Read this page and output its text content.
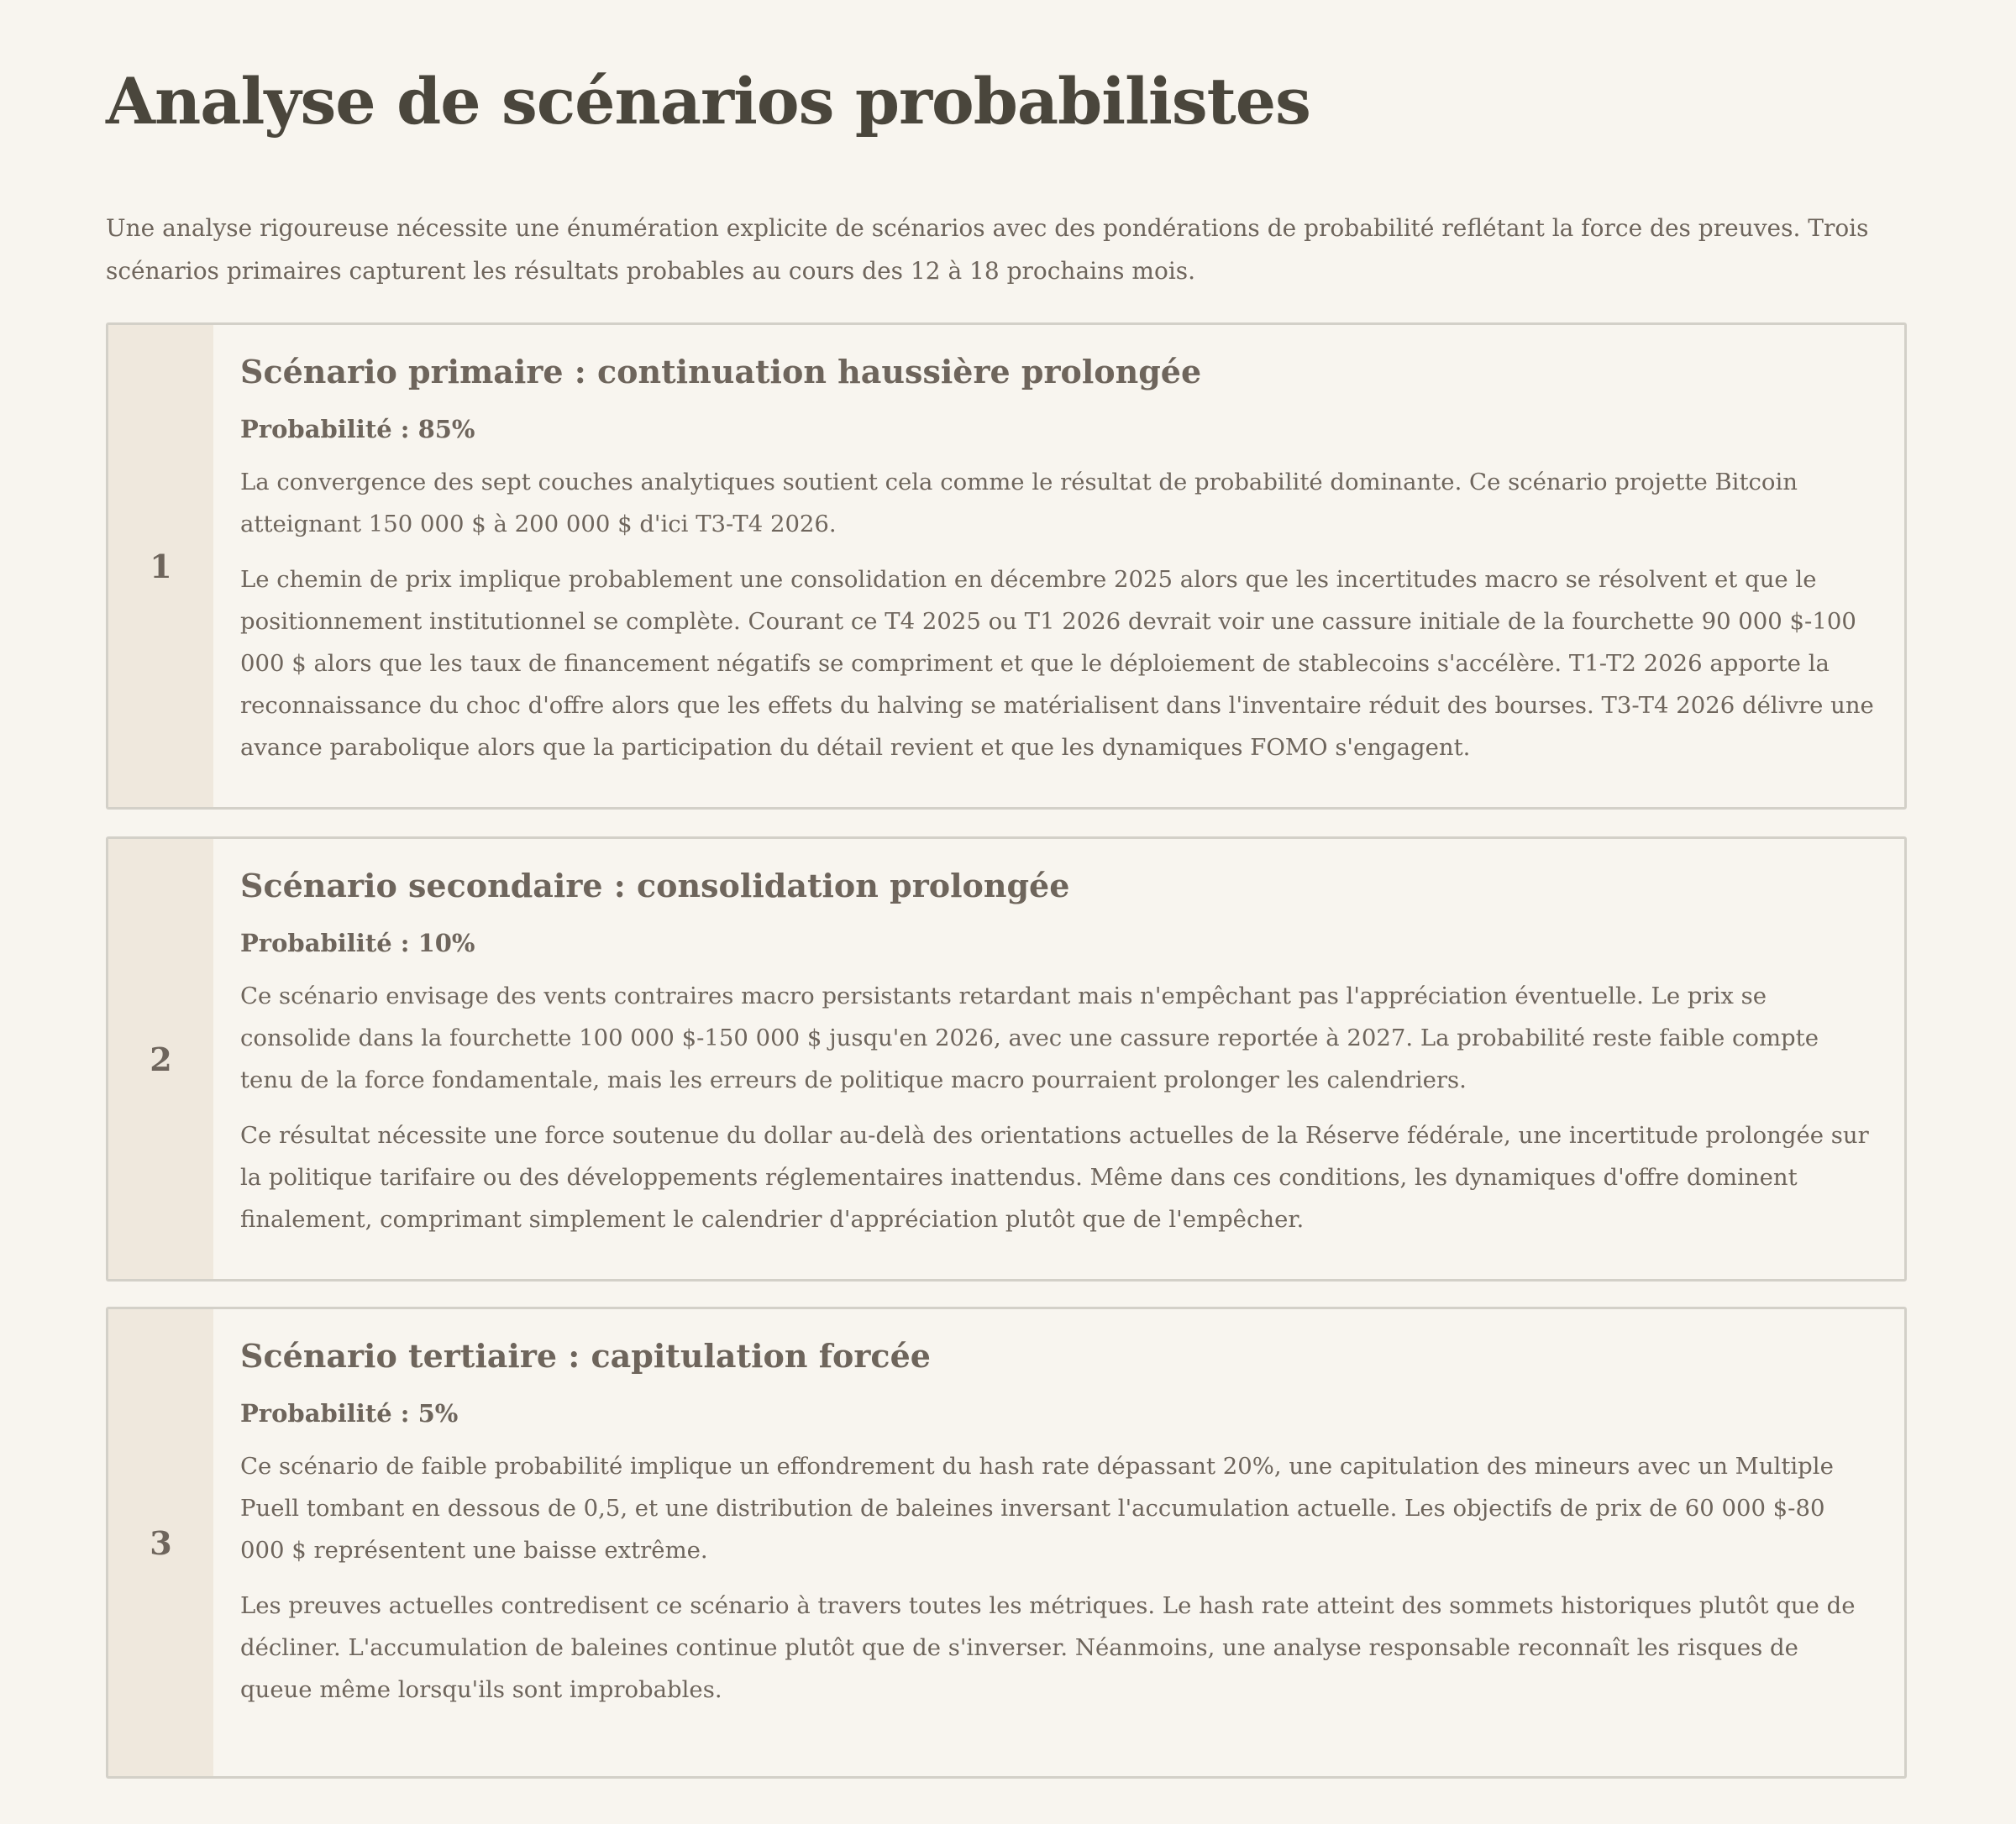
Analyse de scénarios probabilistes

Une analyse rigoureuse nécessite une énumération explicite de scénarios avec des pondérations de probabilité reflétant la force des preuves. Trois scénarios primaires capturent les résultats probables au cours des 12 à 18 prochains mois.

1
Scénario primaire : continuation haussière prolongée

Probabilité : 85%

La convergence des sept couches analytiques soutient cela comme le résultat de probabilité dominante. Ce scénario projette Bitcoin atteignant 150 000 $ à 200 000 $ d'ici T3-T4 2026.

Le chemin de prix implique probablement une consolidation en décembre 2025 alors que les incertitudes macro se résolvent et que le positionnement institutionnel se complète. Courant ce T4 2025 ou T1 2026 devrait voir une cassure initiale de la fourchette 90 000 $-100 000 $ alors que les taux de financement négatifs se compriment et que le déploiement de stablecoins s'accélère. T1-T2 2026 apporte la reconnaissance du choc d'offre alors que les effets du halving se matérialisent dans l'inventaire réduit des bourses. T3-T4 2026 délivre une avance parabolique alors que la participation du détail revient et que les dynamiques FOMO s'engagent.

2
Scénario secondaire : consolidation prolongée

Probabilité : 10%

Ce scénario envisage des vents contraires macro persistants retardant mais n'empêchant pas l'appréciation éventuelle. Le prix se consolide dans la fourchette 100 000 $-150 000 $ jusqu'en 2026, avec une cassure reportée à 2027. La probabilité reste faible compte tenu de la force fondamentale, mais les erreurs de politique macro pourraient prolonger les calendriers.

Ce résultat nécessite une force soutenue du dollar au-delà des orientations actuelles de la Réserve fédérale, une incertitude prolongée sur la politique tarifaire ou des développements réglementaires inattendus. Même dans ces conditions, les dynamiques d'offre dominent finalement, comprimant simplement le calendrier d'appréciation plutôt que de l'empêcher.

3
Scénario tertiaire : capitulation forcée

Probabilité : 5%

Ce scénario de faible probabilité implique un effondrement du hash rate dépassant 20%, une capitulation des mineurs avec un Multiple Puell tombant en dessous de 0,5, et une distribution de baleines inversant l'accumulation actuelle. Les objectifs de prix de 60 000 $-80 000 $ représentent une baisse extrême.

Les preuves actuelles contredisent ce scénario à travers toutes les métriques. Le hash rate atteint des sommets historiques plutôt que de décliner. L'accumulation de baleines continue plutôt que de s'inverser. Néanmoins, une analyse responsable reconnaît les risques de queue même lorsqu'ils sont improbables.
